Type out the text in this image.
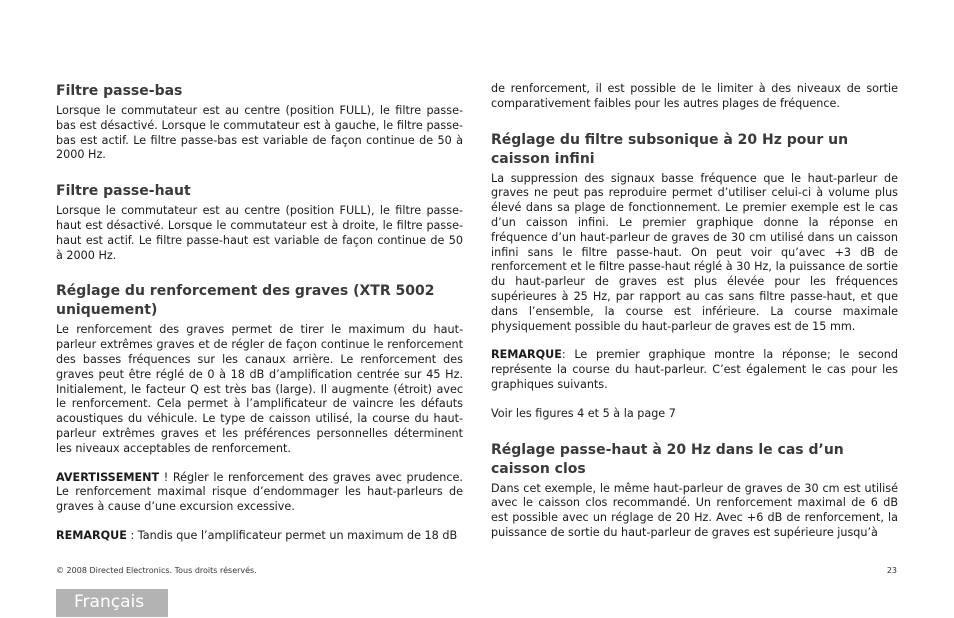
Filtre passe-bas

Lorsque le commutateur est au centre (position FULL), le filtre passe-bas est désactivé. Lorsque le commutateur est à gauche, le filtre passe-bas est actif. Le filtre passe-bas est variable de façon continue de 50 à 2000 Hz.

Filtre passe-haut

Lorsque le commutateur est au centre (position FULL), le filtre passe-haut est désactivé. Lorsque le commutateur est à droite, le filtre passe-haut est actif. Le filtre passe-haut est variable de façon continue de 50 à 2000 Hz.

Réglage du renforcement des graves (XTR 5002 uniquement)

Le renforcement des graves permet de tirer le maximum du haut-parleur extrêmes graves et de régler de façon continue le renforcement des basses fréquences sur les canaux arrière. Le renforcement des graves peut être réglé de 0 à 18 dB d’amplification centrée sur 45 Hz. Initialement, le facteur Q est très bas (large). Il augmente (étroit) avec le renforcement. Cela permet à l’amplificateur de vaincre les défauts acoustiques du véhicule. Le type de caisson utilisé, la course du haut-parleur extrêmes graves et les préférences personnelles déterminent les niveaux acceptables de renforcement.

AVERTISSEMENT ! Régler le renforcement des graves avec prudence. Le renforcement maximal risque d’endommager les haut-parleurs de graves à cause d’une excursion excessive.

REMARQUE : Tandis que l’amplificateur permet un maximum de 18 dB

de renforcement, il est possible de le limiter à des niveaux de sortie comparativement faibles pour les autres plages de fréquence.

Réglage du filtre subsonique à 20 Hz pour un caisson infini

La suppression des signaux basse fréquence que le haut-parleur de graves ne peut pas reproduire permet d’utiliser celui-ci à volume plus élevé dans sa plage de fonctionnement. Le premier exemple est le cas d’un caisson infini. Le premier graphique donne la réponse en fréquence d’un haut-parleur de graves de 30 cm utilisé dans un caisson infini sans le filtre passe-haut. On peut voir qu’avec +3 dB de renforcement et le filtre passe-haut réglé à 30 Hz, la puissance de sortie du haut-parleur de graves est plus élevée pour les fréquences supérieures à 25 Hz, par rapport au cas sans filtre passe-haut, et que dans l’ensemble, la course est inférieure. La course maximale physiquement possible du haut-parleur de graves est de 15 mm.

REMARQUE: Le premier graphique montre la réponse; le second représente la course du haut-parleur. C’est également le cas pour les graphiques suivants.

Voir les figures 4 et 5 à la page 7

Réglage passe-haut à 20 Hz dans le cas d’un caisson clos

Dans cet exemple, le même haut-parleur de graves de 30 cm est utilisé avec le caisson clos recommandé. Un renforcement maximal de 6 dB est possible avec un réglage de 20 Hz. Avec +6 dB de renforcement, la puissance de sortie du haut-parleur de graves est supérieure jusqu’à

© 2008 Directed Electronics. Tous droits réservés.	23
Français
